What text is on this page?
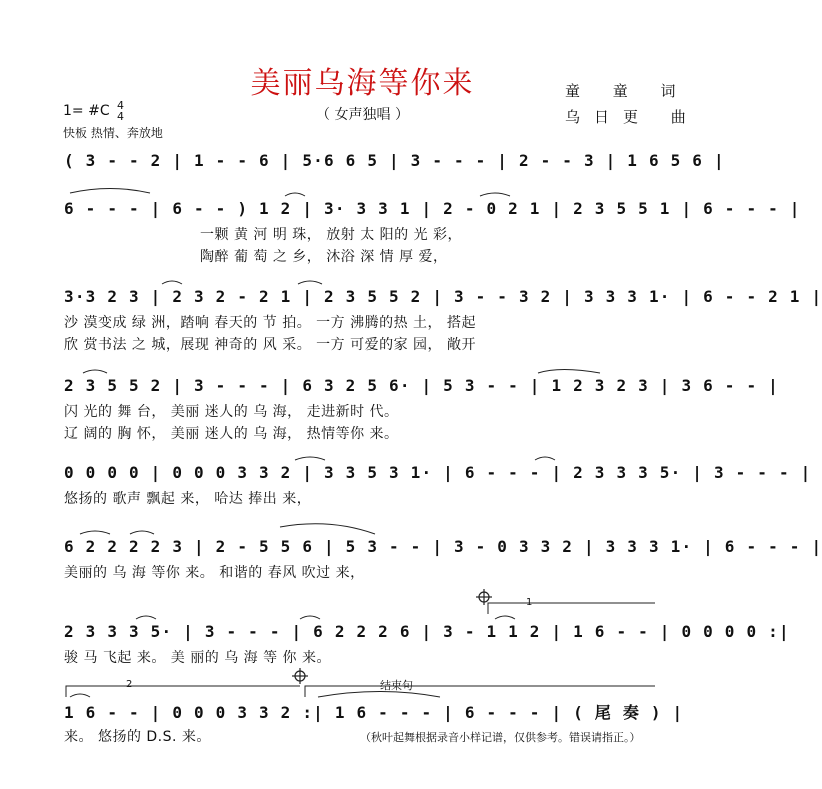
美丽乌海等你来
（ 女声独唱 ）
童 童 词
乌日更 曲
1= #C 4
4
快板 热情、奔放地
( 3 - - 2 | 1 - - 6 | 5·6 6 5 | 3 - - - | 2 - - 3 | 1 6 5 6 |
6 - - - | 6 - - ) 1 2 | 3· 3 3 1 | 2 - 0 2 1 | 2 3 5 5 1 | 6 - - - |
一颗 黄 河 明 珠， 放射 太 阳的 光 彩，
陶醉 葡 萄 之 乡， 沐浴 深 情 厚 爱，
3·3 2 3 | 2 3 2 - 2 1 | 2 3 5 5 2 | 3 - - 3 2 | 3 3 3 1· | 6 - - 2 1 |
沙 漠变成 绿 洲，踏响 春天的 节 拍。 一方 沸腾的热 土， 搭起
欣 赏书法 之 城，展现 神奇的 风 采。 一方 可爱的家 园， 敞开
2 3 5 5 2 | 3 - - - | 6 3 2 5 6· | 5 3 - - | 1 2 3 2 3 | 3 6 - - |
闪 光的 舞 台， 美丽 迷人的 乌 海， 走进新时 代。
辽 阔的 胸 怀， 美丽 迷人的 乌 海， 热情等你 来。
0 0 0 0 | 0 0 0 3 3 2 | 3 3 5 3 1· | 6 - - - | 2 3 3 3 5· | 3 - - - |
悠扬的 歌声 飘起 来， 哈达 捧出 来，
6 2 2 2 2 3 | 2 - 5 5 6 | 5 3 - - | 3 - 0 3 3 2 | 3 3 3 1· | 6 - - - |
美丽的 乌 海 等你 来。 和谐的 春风 吹过 来，
2 3 3 3 5· | 3 - - - | 6 2 2 2 6 | 3 - 1 1 2 | 1 6 - - | 0 0 0 0 :|
骏 马 飞起 来。 美 丽的 乌 海 等 你 来。
1 6 - - | 0 0 0 3 3 2 :| 1 6 - - - | 6 - - - | ( 尾 奏 ) |
来。 悠扬的 D.S. 来。	（秋叶起舞根据录音小样记谱，仅供参考。错误请指正。）
1
2	结束句
